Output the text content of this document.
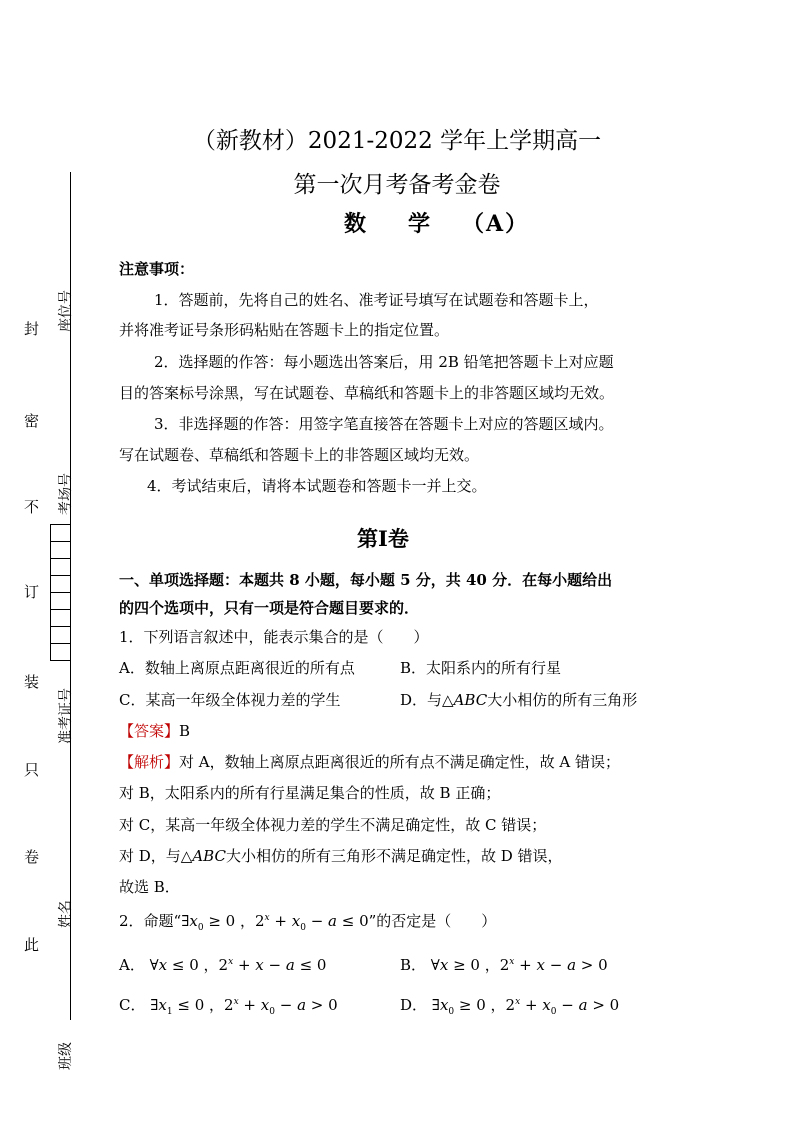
封
密
不
订
装
只
卷
此
座位号
考场号
准考证号
姓名
班级
（新教材）2021-2022 学年上学期高一
第一次月考备考金卷
数 学 （A）
注意事项：
1．答题前，先将自己的姓名、准考证号填写在试题卷和答题卡上，
并将准考证号条形码粘贴在答题卡上的指定位置。
2．选择题的作答：每小题选出答案后，用 2B 铅笔把答题卡上对应题
目的答案标号涂黑，写在试题卷、草稿纸和答题卡上的非答题区域均无效。
3．非选择题的作答：用签字笔直接答在答题卡上对应的答题区域内。
写在试题卷、草稿纸和答题卡上的非答题区域均无效。
4．考试结束后，请将本试题卷和答题卡一并上交。
第Ⅰ卷
一、单项选择题：本题共 8 小题，每小题 5 分，共 40 分．在每小题给出
的四个选项中，只有一项是符合题目要求的．
1．下列语言叙述中，能表示集合的是（　　）
A．数轴上离原点距离很近的所有点	B．太阳系内的所有行星
C．某高一年级全体视力差的学生	D．与△ABC大小相仿的所有三角形
【答案】B
【解析】对 A，数轴上离原点距离很近的所有点不满足确定性，故 A 错误；
对 B，太阳系内的所有行星满足集合的性质，故 B 正确；
对 C，某高一年级全体视力差的学生不满足确定性，故 C 错误；
对 D，与△ABC大小相仿的所有三角形不满足确定性，故 D 错误，
故选 B．
2．命题“$\exists x_0 \ge 0$ ，$2^x + x_0 - a \le 0$”的否定是（　　）
A． ∀x ≤ 0 ，$2^x + x - a \le 0$	B． ∀x ≥ 0 ，$2^x + x - a > 0$
C． $\exists x_1 \le 0$ ，$2^x + x_0 - a > 0$	D． $\exists x_0 \ge 0$ ，$2^x + x_0 - a > 0$
